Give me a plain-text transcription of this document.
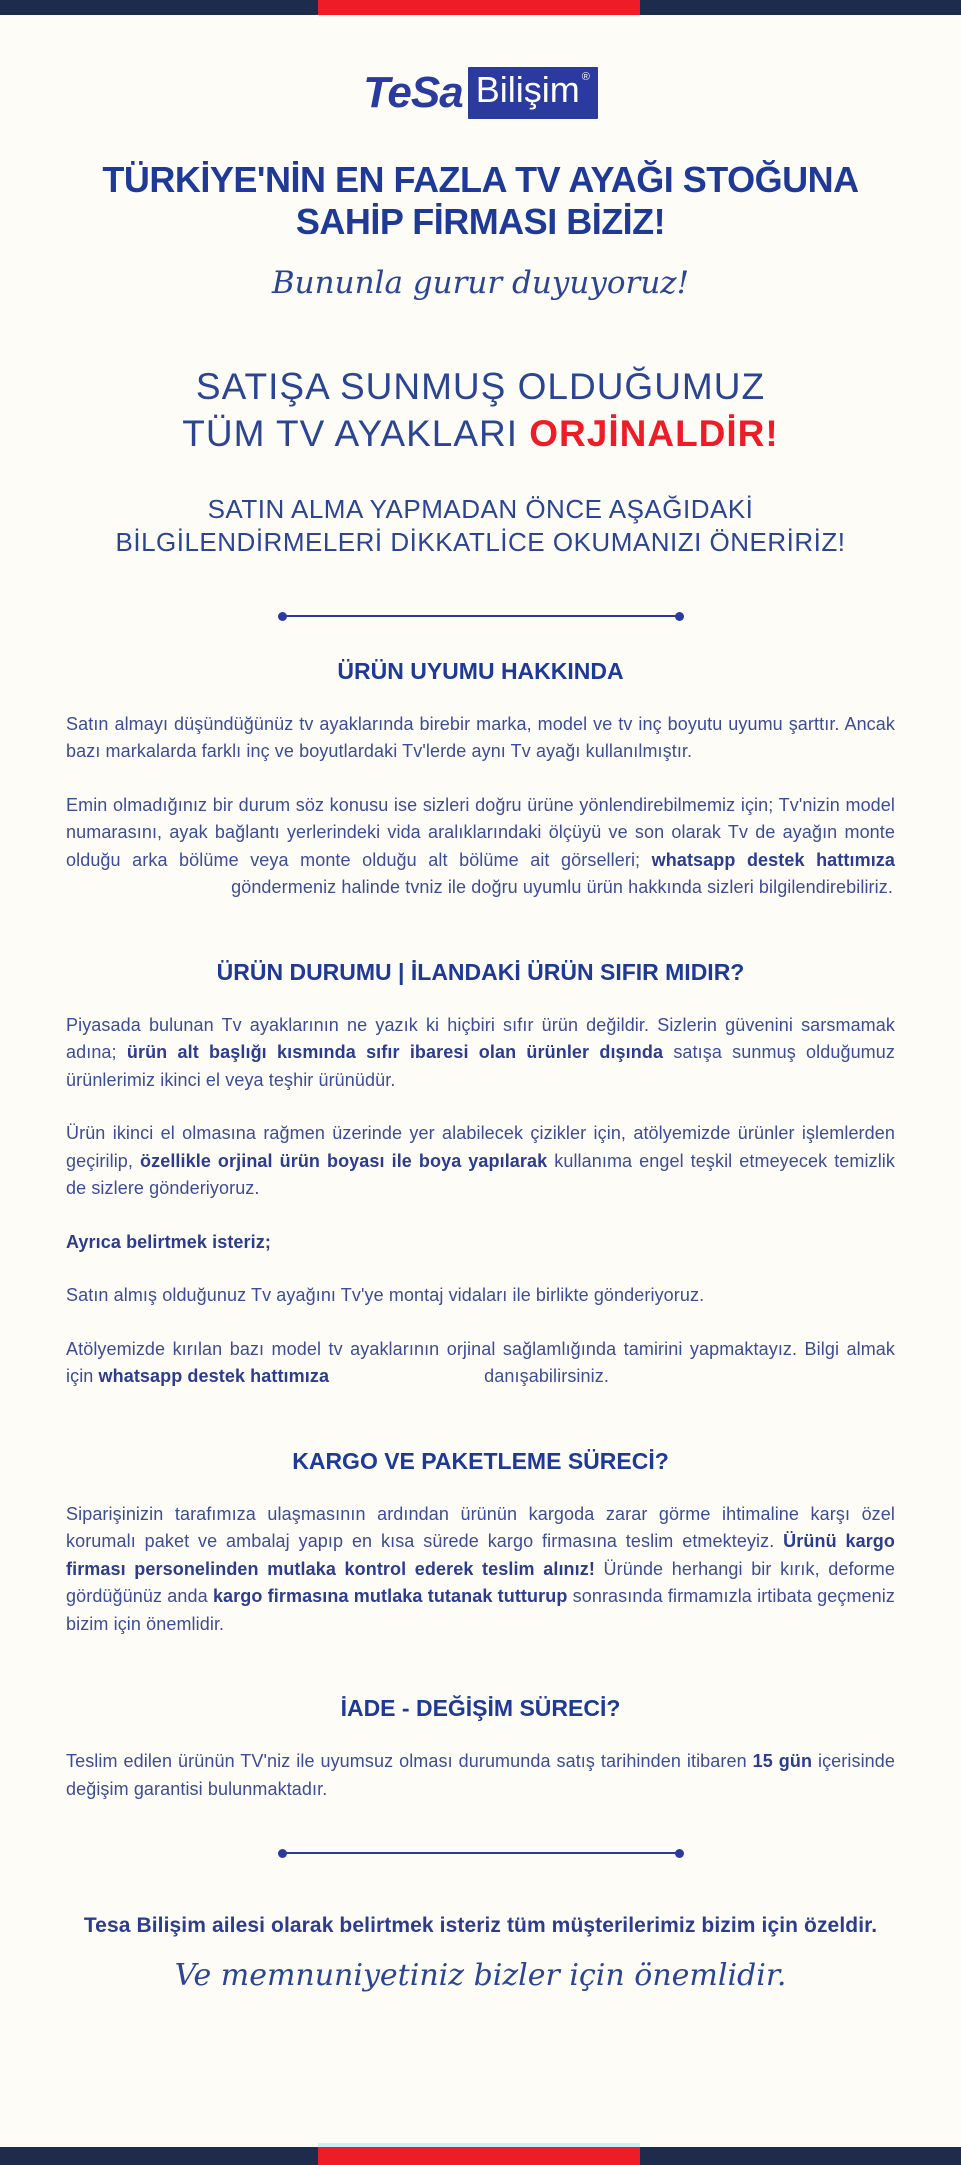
TeSa Bilişim ®
TÜRKİYE'NİN EN FAZLA TV AYAĞI STOĞUNA
SAHİP FİRMASI BİZİZ!
Bununla gurur duyuyoruz!
SATIŞA SUNMUŞ OLDUĞUMUZ
TÜM TV AYAKLARI ORJİNALDİR!
SATIN ALMA YAPMADAN ÖNCE AŞAĞIDAKİ
BİLGİLENDİRMELERİ DİKKATLİCE OKUMANIZI ÖNERİRİZ!
ÜRÜN UYUMU HAKKINDA

Satın almayı düşündüğünüz tv ayaklarında birebir marka, model ve tv inç boyutu uyumu şarttır. Ancak bazı markalarda farklı inç ve boyutlardaki Tv'lerde aynı Tv ayağı kullanılmıştır.

Emin olmadığınız bir durum söz konusu ise sizleri doğru ürüne yönlendirebilmemiz için; Tv'nizin model numarasını, ayak bağlantı yerlerindeki vida aralıklarındaki ölçüyü ve son olarak Tv de ayağın monte olduğu arka bölüme veya monte olduğu alt bölüme ait görselleri; whatsapp destek hattımıza göndermeniz halinde tvniz ile doğru uyumlu ürün hakkında sizleri bilgilendirebiliriz.

ÜRÜN DURUMU | İLANDAKİ ÜRÜN SIFIR MIDIR?

Piyasada bulunan Tv ayaklarının ne yazık ki hiçbiri sıfır ürün değildir. Sizlerin güvenini sarsmamak adına; ürün alt başlığı kısmında sıfır ibaresi olan ürünler dışında satışa sunmuş olduğumuz ürünlerimiz ikinci el veya teşhir ürünüdür.

Ürün ikinci el olmasına rağmen üzerinde yer alabilecek çizikler için, atölyemizde ürünler işlemlerden geçirilip, özellikle orjinal ürün boyası ile boya yapılarak kullanıma engel teşkil etmeyecek temizlik de sizlere gönderiyoruz.

Ayrıca belirtmek isteriz;

Satın almış olduğunuz Tv ayağını Tv'ye montaj vidaları ile birlikte gönderiyoruz.

Atölyemizde kırılan bazı model tv ayaklarının orjinal sağlamlığında tamirini yapmaktayız. Bilgi almak için whatsapp destek hattımıza	danışabilirsiniz.

KARGO VE PAKETLEME SÜRECİ?

Siparişinizin tarafımıza ulaşmasının ardından ürünün kargoda zarar görme ihtimaline karşı özel korumalı paket ve ambalaj yapıp en kısa sürede kargo firmasına teslim etmekteyiz. Ürünü kargo firması personelinden mutlaka kontrol ederek teslim alınız! Üründe herhangi bir kırık, deforme gördüğünüz anda kargo firmasına mutlaka tutanak tutturup sonrasında firmamızla irtibata geçmeniz bizim için önemlidir.

İADE - DEĞİŞİM SÜRECİ?

Teslim edilen ürünün TV'niz ile uyumsuz olması durumunda satış tarihinden itibaren 15 gün içerisinde değişim garantisi bulunmaktadır.

Tesa Bilişim ailesi olarak belirtmek isteriz tüm müşterilerimiz bizim için özeldir.

Ve memnuniyetiniz bizler için önemlidir.
